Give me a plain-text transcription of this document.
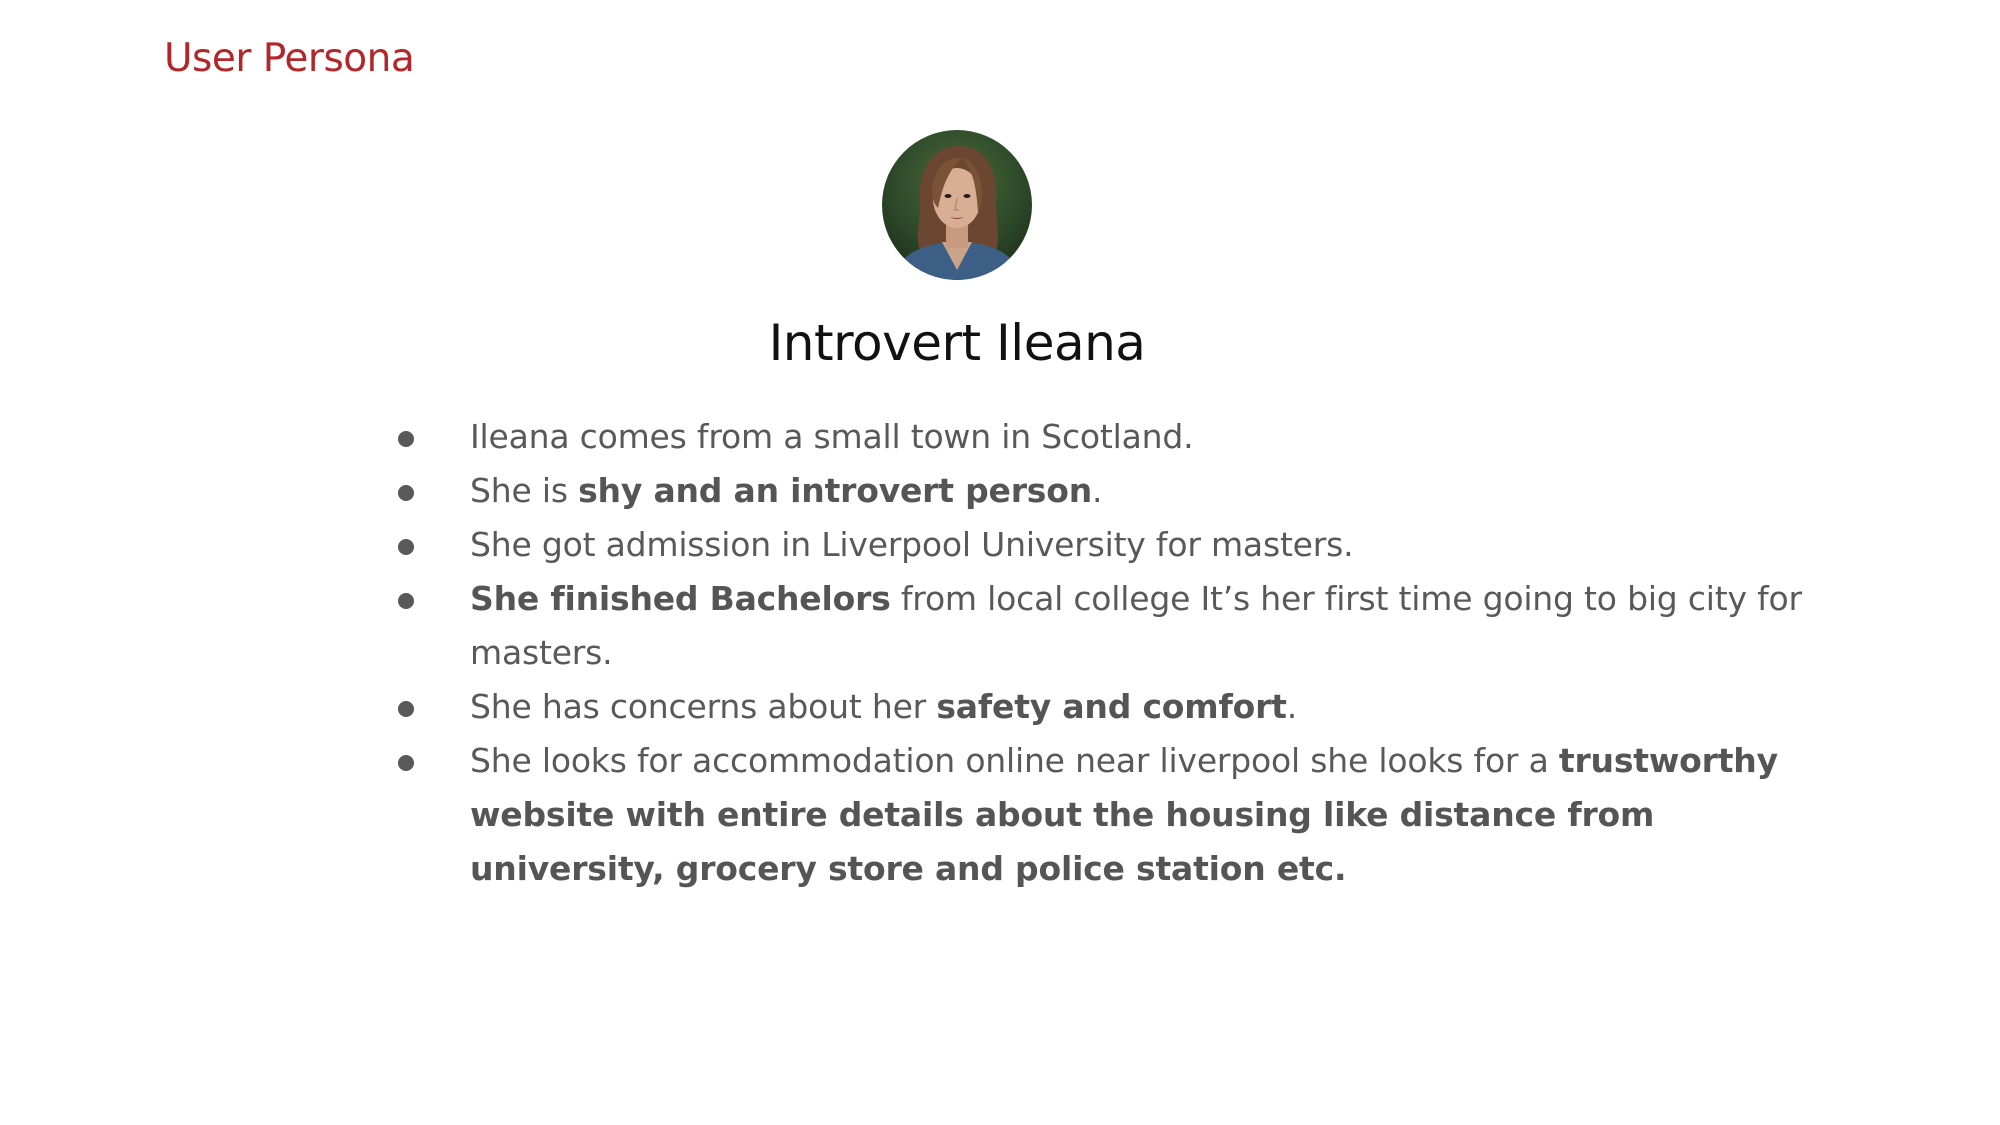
User Persona
Introvert Ileana
Ileana comes from a small town in Scotland.
She is shy and an introvert person.
She got admission in Liverpool University for masters.
She finished Bachelors from local college It’s her first time going to big city for masters.
She has concerns about her safety and comfort.
She looks for accommodation online near liverpool she looks for a trustworthy website with entire details about the housing like distance from university, grocery store and police station etc.
